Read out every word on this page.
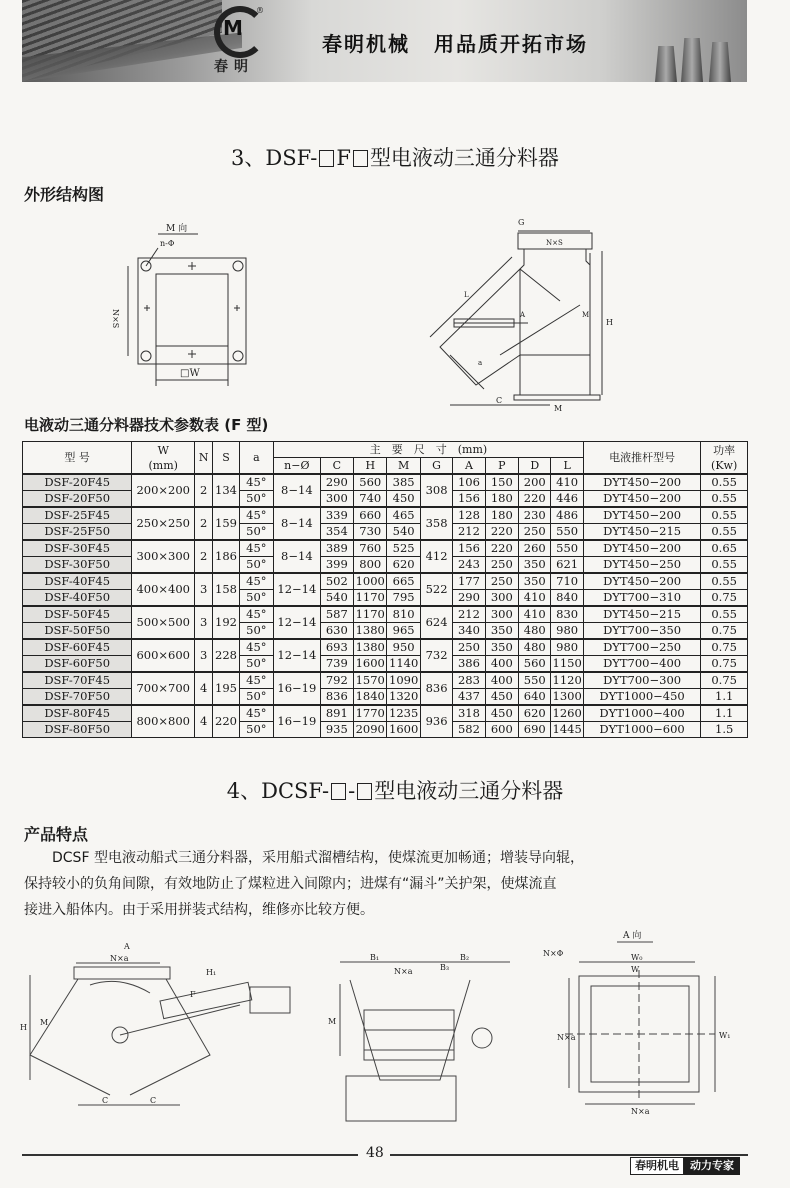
M
®
春明
春明机械 用品质开拓市场
3、DSF- F 型电液动三通分料器
外形结构图
M 向
n-Φ
N×S
□W
G
N×S
L
H
M
A
a
C
M
电液动三通分料器技术参数表 (F 型)
型 号	W
(mm)	N	S	a	主　要　尺　寸　(mm)									电液推杆型号	功率
(Kw)
					n−Ø	C	H	M	G	A	P	D	L		
DSF-20F45	200×200	2	134	45°	8−14	290	560	385	308	106	150	200	410	DYT450−200	0.55
DSF-20F50				50°		300	740	450		156	180	220	446	DYT450−200	0.55
DSF-25F45	250×250	2	159	45°	8−14	339	660	465	358	128	180	230	486	DYT450−200	0.55
DSF-25F50				50°		354	730	540		212	220	250	550	DYT450−215	0.55
DSF-30F45	300×300	2	186	45°	8−14	389	760	525	412	156	220	260	550	DYT450−200	0.65
DSF-30F50				50°		399	800	620		243	250	350	621	DYT450−250	0.55
DSF-40F45	400×400	3	158	45°	12−14	502	1000	665	522	177	250	350	710	DYT450−200	0.55
DSF-40F50				50°		540	1170	795		290	300	410	840	DYT700−310	0.75
DSF-50F45	500×500	3	192	45°	12−14	587	1170	810	624	212	300	410	830	DYT450−215	0.55
DSF-50F50				50°		630	1380	965		340	350	480	980	DYT700−350	0.75
DSF-60F45	600×600	3	228	45°	12−14	693	1380	950	732	250	350	480	980	DYT700−250	0.75
DSF-60F50				50°		739	1600	1140		386	400	560	1150	DYT700−400	0.75
DSF-70F45	700×700	4	195	45°	16−19	792	1570	1090	836	283	400	550	1120	DYT700−300	0.75
DSF-70F50				50°		836	1840	1320		437	450	640	1300	DYT1000−450	1.1
DSF-80F45	800×800	4	220	45°	16−19	891	1770	1235	936	318	450	620	1260	DYT1000−400	1.1
DSF-80F50				50°		935	2090	1600		582	600	690	1445	DYT1000−600	1.5
4、DCSF- - 型电液动三通分料器
产品特点

DCSF 型电液动船式三通分料器，采用船式溜槽结构，使煤流更加畅通；增装导向辊，

保持较小的负角间隙，有效地防止了煤粒进入间隙内；进煤有“漏斗”关护架，使煤流直

接进入船体内。由于采用拼装式结构，维修亦比较方便。

A
N×a
H
M
F
H₁
C	C
B₁	B₂
B₃
N×a
M
A 向
N×Φ	W₀
W
N×a	W₁
N×a
48
春明机电	动力专家
